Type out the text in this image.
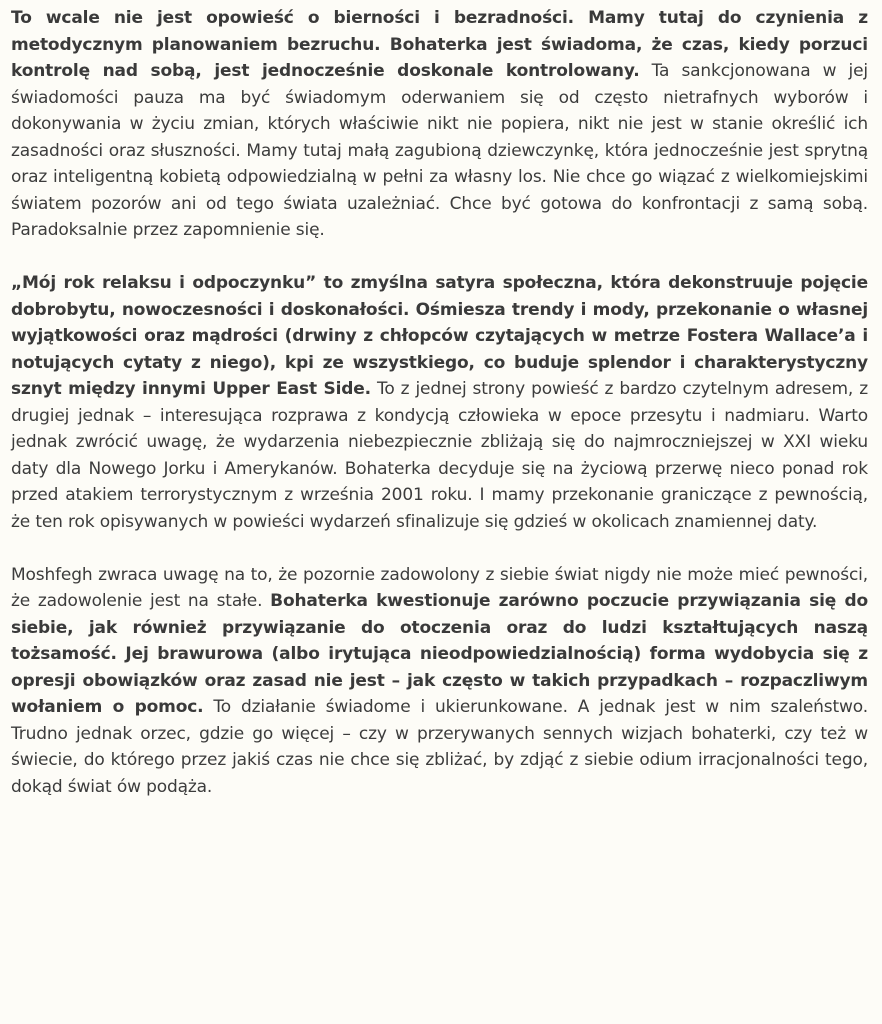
To wcale nie jest opowieść o bierności i bezradności. Mamy tutaj do czynienia z metodycznym planowaniem bezruchu. Bohaterka jest świadoma, że czas, kiedy porzuci kontrolę nad sobą, jest jednocześnie doskonale kontrolowany. Ta sankcjonowana w jej świadomości pauza ma być świadomym oderwaniem się od często nietrafnych wyborów i dokonywania w życiu zmian, których właściwie nikt nie popiera, nikt nie jest w stanie określić ich zasadności oraz słuszności. Mamy tutaj małą zagubioną dziewczynkę, która jednocześnie jest sprytną oraz inteligentną kobietą odpowiedzialną w pełni za własny los. Nie chce go wiązać z wielkomiejskimi światem pozorów ani od tego świata uzależniać. Chce być gotowa do konfrontacji z samą sobą. Paradoksalnie przez zapomnienie się.

„Mój rok relaksu i odpoczynku” to zmyślna satyra społeczna, która dekonstruuje pojęcie dobrobytu, nowoczesności i doskonałości. Ośmiesza trendy i mody, przekonanie o własnej wyjątkowości oraz mądrości (drwiny z chłopców czytających w metrze Fostera Wallace’a i notujących cytaty z niego), kpi ze wszystkiego, co buduje splendor i charakterystyczny sznyt między innymi Upper East Side. To z jednej strony powieść z bardzo czytelnym adresem, z drugiej jednak – interesująca rozprawa z kondycją człowieka w epoce przesytu i nadmiaru. Warto jednak zwrócić uwagę, że wydarzenia niebezpiecznie zbliżają się do najmroczniejszej w XXI wieku daty dla Nowego Jorku i Amerykanów. Bohaterka decyduje się na życiową przerwę nieco ponad rok przed atakiem terrorystycznym z września 2001 roku. I mamy przekonanie graniczące z pewnością, że ten rok opisywanych w powieści wydarzeń sfinalizuje się gdzieś w okolicach znamiennej daty.

Moshfegh zwraca uwagę na to, że pozornie zadowolony z siebie świat nigdy nie może mieć pewności, że zadowolenie jest na stałe. Bohaterka kwestionuje zarówno poczucie przywiązania się do siebie, jak również przywiązanie do otoczenia oraz do ludzi kształtujących naszą tożsamość. Jej brawurowa (albo irytująca nieodpowiedzialnością) forma wydobycia się z opresji obowiązków oraz zasad nie jest – jak często w takich przypadkach – rozpaczliwym wołaniem o pomoc. To działanie świadome i ukierunkowane. A jednak jest w nim szaleństwo. Trudno jednak orzec, gdzie go więcej – czy w przerywanych sennych wizjach bohaterki, czy też w świecie, do którego przez jakiś czas nie chce się zbliżać, by zdjąć z siebie odium irracjonalności tego, dokąd świat ów podąża.
